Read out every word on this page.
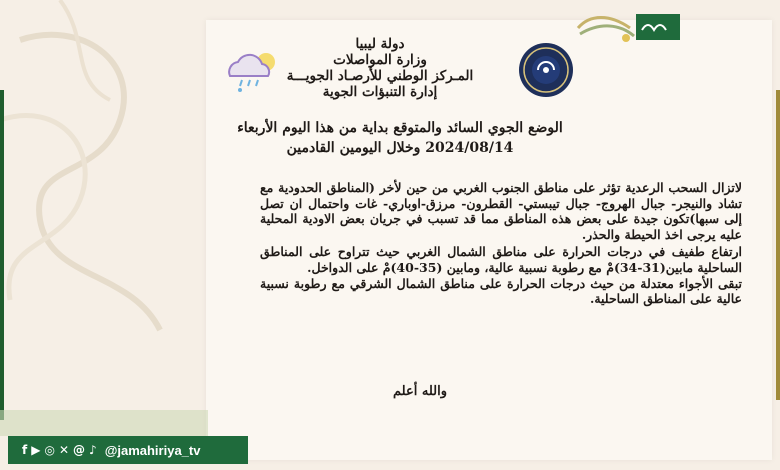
دولة ليبيا
وزارة المواصلات
المـركز الوطني للأرصـاد الجويـــة
إدارة التنبؤات الجوية
الوضع الجوي السائد والمتوقع بداية من هذا اليوم الأربعاء
2024/08/14 وخلال اليومين القادمين

لاتزال السحب الرعدية تؤثر على مناطق الجنوب الغربي من حين لأخر (المناطق الحدودية مع تشاد والنيجر- جبال الهروج- جبال تيبستي- القطرون- مرزق-اوباري- غات واحتمال ان تصل إلى سبها)تكون جيدة على بعض هذه المناطق مما قد تسبب في جريان بعض الاودية المحلية عليه يرجى اخذ الحيطة والحذر.

ارتفاع طفيف في درجات الحرارة على مناطق الشمال الغربي حيث تتراوح على المناطق الساحلية مابين(31-34)مْ مع رطوبة نسبية عالية، ومابين (35-40)مْ على الدواخل.

تبقى الأجواء معتدلة من حيث درجات الحرارة على مناطق الشمال الشرقي مع رطوبة نسبية عالية على المناطق الساحلية.

والله أعلم
f ▶ ◎ ✕ @ ♪ @jamahiriya_tv
